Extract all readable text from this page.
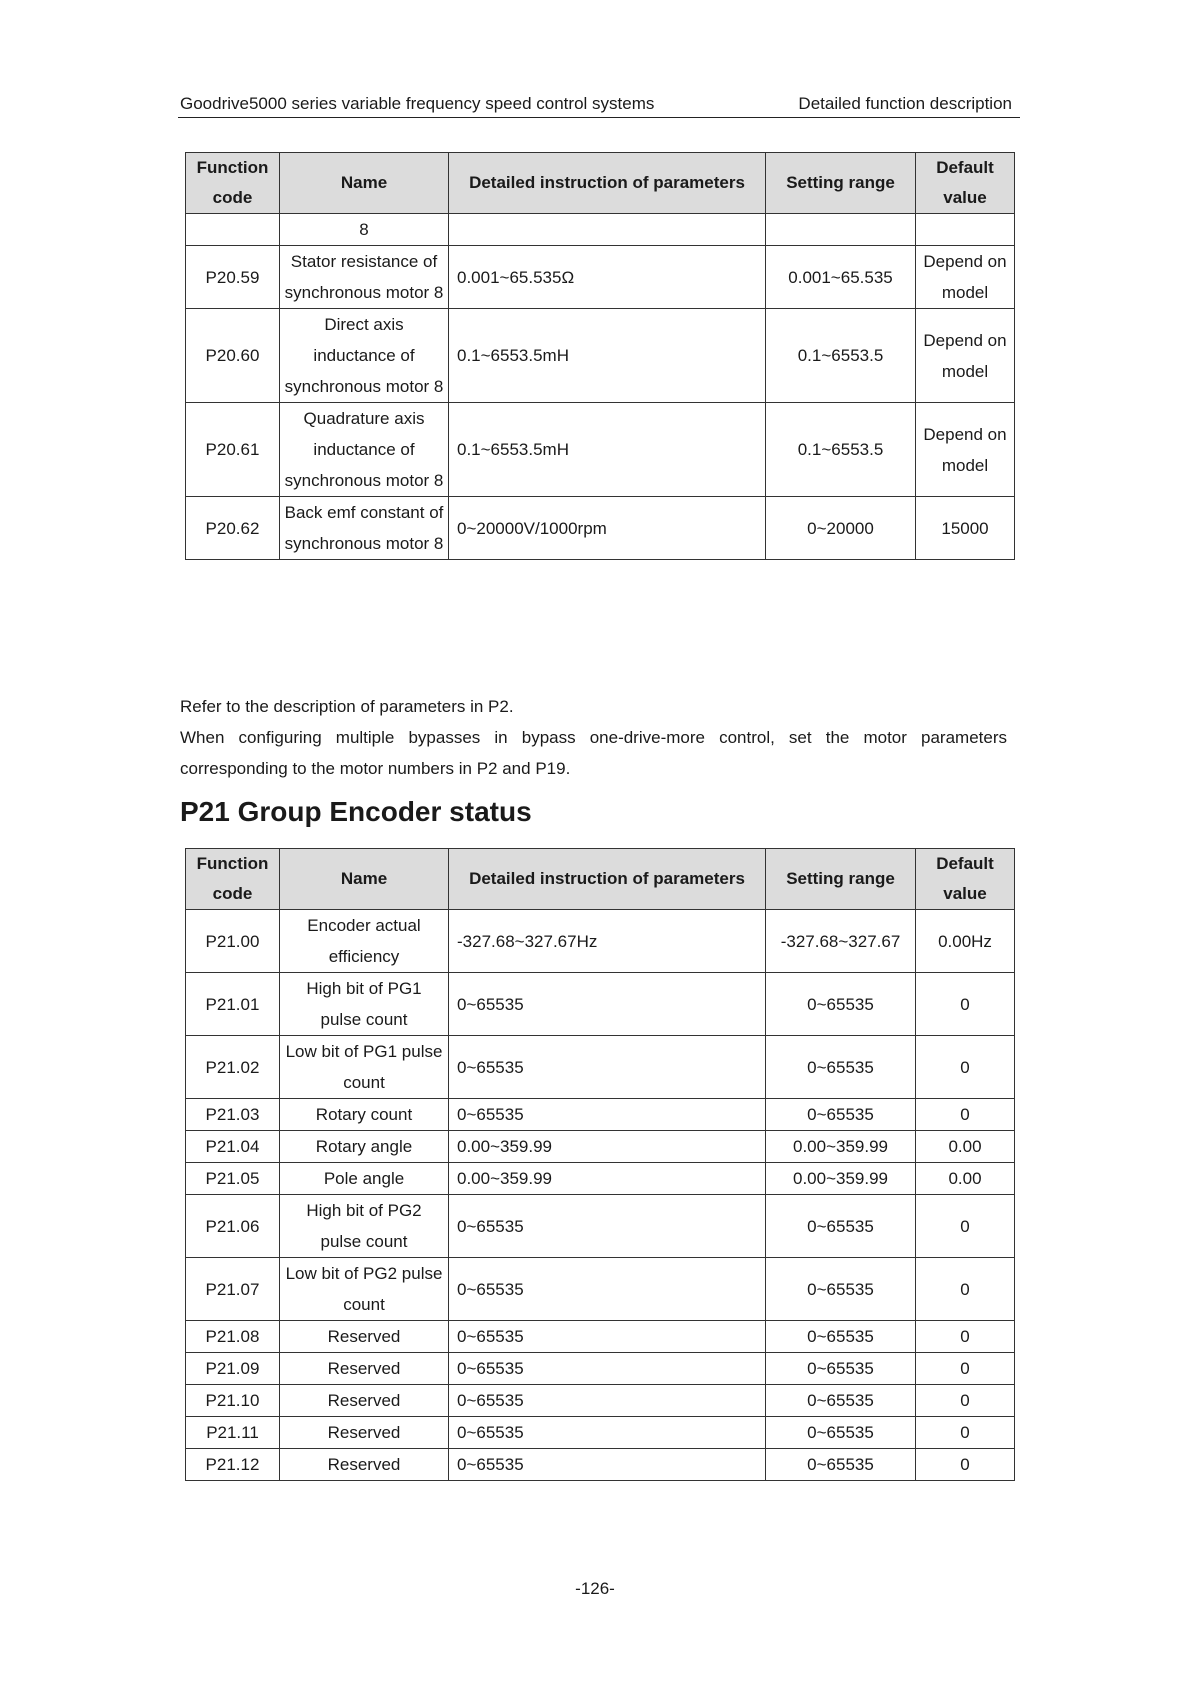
Goodrive5000 series variable frequency speed control systems	Detailed function description
Function code	Name	Detailed instruction of parameters	Setting range	Default value
	8			
P20.59	Stator resistance of synchronous motor 8	0.001~65.535Ω	0.001~65.535	Depend on model
P20.60	Direct axis inductance of synchronous motor 8	0.1~6553.5mH	0.1~6553.5	Depend on model
P20.61	Quadrature axis inductance of synchronous motor 8	0.1~6553.5mH	0.1~6553.5	Depend on model
P20.62	Back emf constant of synchronous motor 8	0~20000V/1000rpm	0~20000	15000

Refer to the description of parameters in P2.

When configuring multiple bypasses in bypass one-drive-more control, set the motor parameters corresponding to the motor numbers in P2 and P19.

P21 Group Encoder status
Function code	Name	Detailed instruction of parameters	Setting range	Default value
P21.00	Encoder actual efficiency	-327.68~327.67Hz	-327.68~327.67	0.00Hz
P21.01	High bit of PG1 pulse count	0~65535	0~65535	0
P21.02	Low bit of PG1 pulse count	0~65535	0~65535	0
P21.03	Rotary count	0~65535	0~65535	0
P21.04	Rotary angle	0.00~359.99	0.00~359.99	0.00
P21.05	Pole angle	0.00~359.99	0.00~359.99	0.00
P21.06	High bit of PG2 pulse count	0~65535	0~65535	0
P21.07	Low bit of PG2 pulse count	0~65535	0~65535	0
P21.08	Reserved	0~65535	0~65535	0
P21.09	Reserved	0~65535	0~65535	0
P21.10	Reserved	0~65535	0~65535	0
P21.11	Reserved	0~65535	0~65535	0
P21.12	Reserved	0~65535	0~65535	0
-126-
